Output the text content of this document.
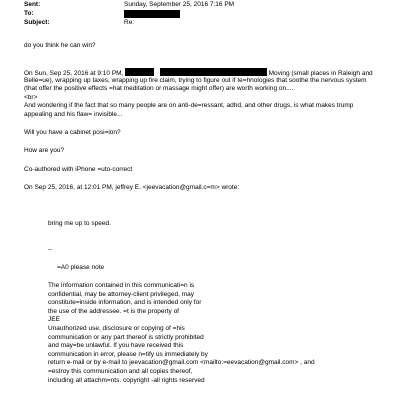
Sent:	Sunday, September 25, 2016 7:16 PM
To:
Subject:	Re:
do you think he can win?
On Sun, Sep 25, 2016 at 9:10 PM,	Moving (small places in Raleigh and
Belle=ue), wrapping up taxes, wrapping up fire claim, trying to figure out if te=hnologies that soothe the nervous system
(that offer the positive effects =hat meditation or massage might offer) are worth working on....
<br>
And wondering if the fact that so many people are on anti-de=ressant, adhd, and other drugs, is what makes trump
appealing and his flaw= invisible...
Will you have a cabinet posi=ion?
How are you?
Co-authored with iPhone =uto-correct
On Sep 25, 2016, at 12:01 PM, jeffrey E. <jeevacation@gmail.c=m> wrote:
bring me up to speed.
--
=A0 please note
The information contained in this communicati=n is
confidential, may be attorney-client privileged, may
constitute=inside information, and is intended only for
the use of the addressee. =t is the property of
JEE
Unauthorized use, disclosure or copying of =his
communication or any part thereof is strictly prohibited
and may=be unlawful. If you have received this
communication in error, please n=tify us immediately by
return e-mail or by e-mail to jeevacation@gmail.com <mailto:=eevacation@gmail.com> , and
=estroy this communication and all copies thereof,
including all attachm=nts. copyright -all rights reserved
